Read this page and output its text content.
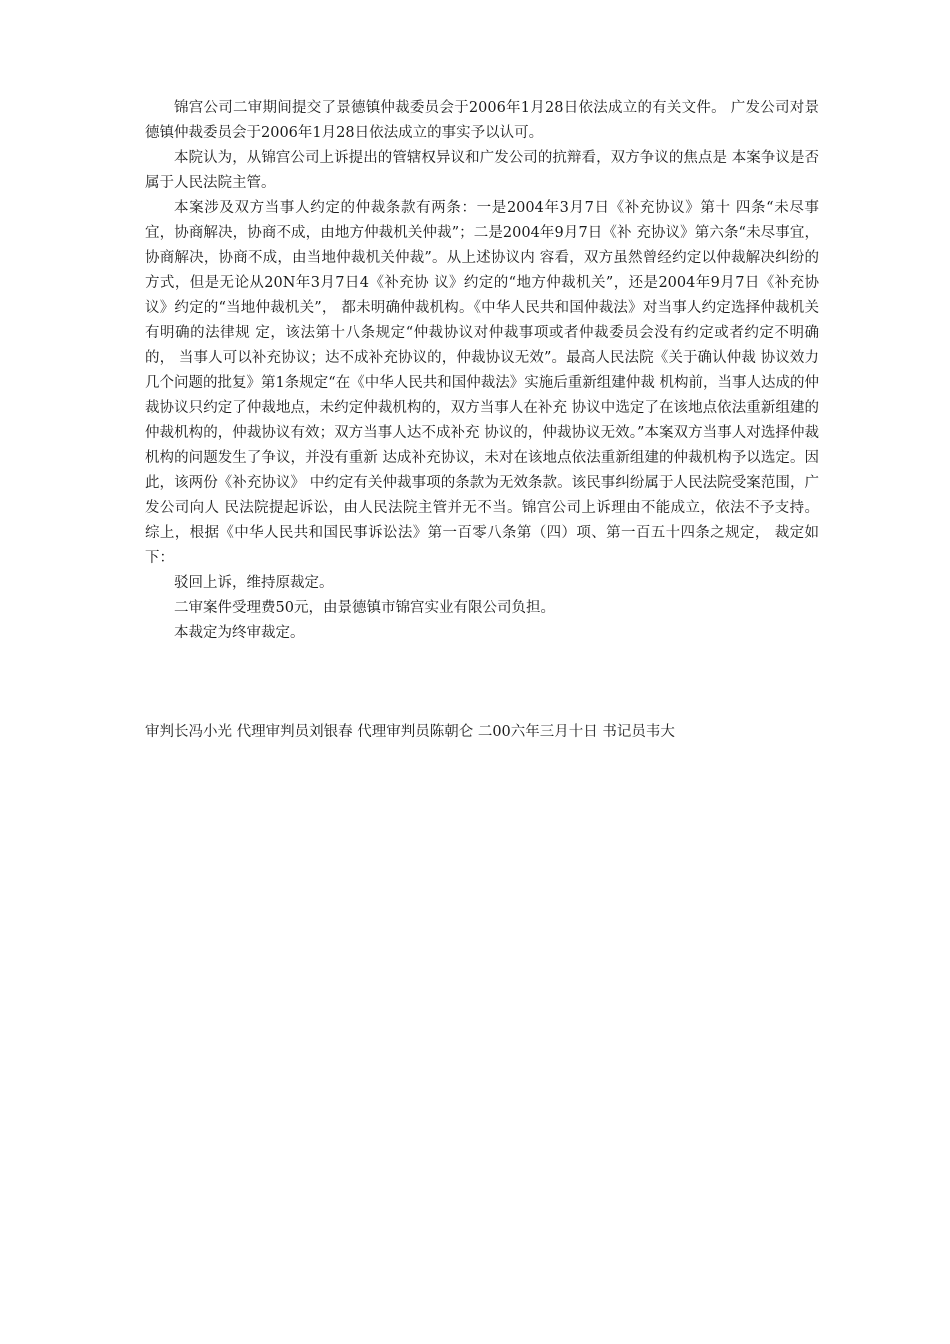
锦宫公司二审期间提交了景德镇仲裁委员会于2006年1月28日依法成立的有关文件。 广发公司对景德镇仲裁委员会于2006年1月28日依法成立的事实予以认可。

本院认为，从锦宫公司上诉提出的管辖权异议和广发公司的抗辩看，双方争议的焦点是 本案争议是否属于人民法院主管。

本案涉及双方当事人约定的仲裁条款有两条：一是2004年3月7日《补充协议》第十 四条“未尽事宜，协商解决，协商不成，由地方仲裁机关仲裁”；二是2004年9月7日《补 充协议》第六条“未尽事宜，协商解决，协商不成，由当地仲裁机关仲裁”。从上述协议内 容看，双方虽然曾经约定以仲裁解决纠纷的方式，但是无论从20N年3月7日4《补充协 议》约定的“地方仲裁机关”，还是2004年9月7日《补充协议》约定的“当地仲裁机关”， 都未明确仲裁机构。《中华人民共和国仲裁法》对当事人约定选择仲裁机关有明确的法律规 定，该法第十八条规定“仲裁协议对仲裁事项或者仲裁委员会没有约定或者约定不明确的， 当事人可以补充协议；达不成补充协议的，仲裁协议无效”。最高人民法院《关于确认仲裁 协议效力几个问题的批复》第1条规定“在《中华人民共和国仲裁法》实施后重新组建仲裁 机构前，当事人达成的仲裁协议只约定了仲裁地点，未约定仲裁机构的，双方当事人在补充 协议中选定了在该地点依法重新组建的仲裁机构的，仲裁协议有效；双方当事人达不成补充 协议的，仲裁协议无效。”本案双方当事人对选择仲裁机构的问题发生了争议，并没有重新 达成补充协议，未对在该地点依法重新组建的仲裁机构予以选定。因此，该两份《补充协议》 中约定有关仲裁事项的条款为无效条款。该民事纠纷属于人民法院受案范围，广发公司向人 民法院提起诉讼，由人民法院主管并无不当。锦宫公司上诉理由不能成立，依法不予支持。 综上，根据《中华人民共和国民事诉讼法》第一百零八条第（四）项、第一百五十四条之规定， 裁定如下：

驳回上诉，维持原裁定。

二审案件受理费50元，由景德镇市锦宫实业有限公司负担。

本裁定为终审裁定。

审判长冯小光 代理审判员刘银春 代理审判员陈朝仑 二00六年三月十日 书记员韦大
